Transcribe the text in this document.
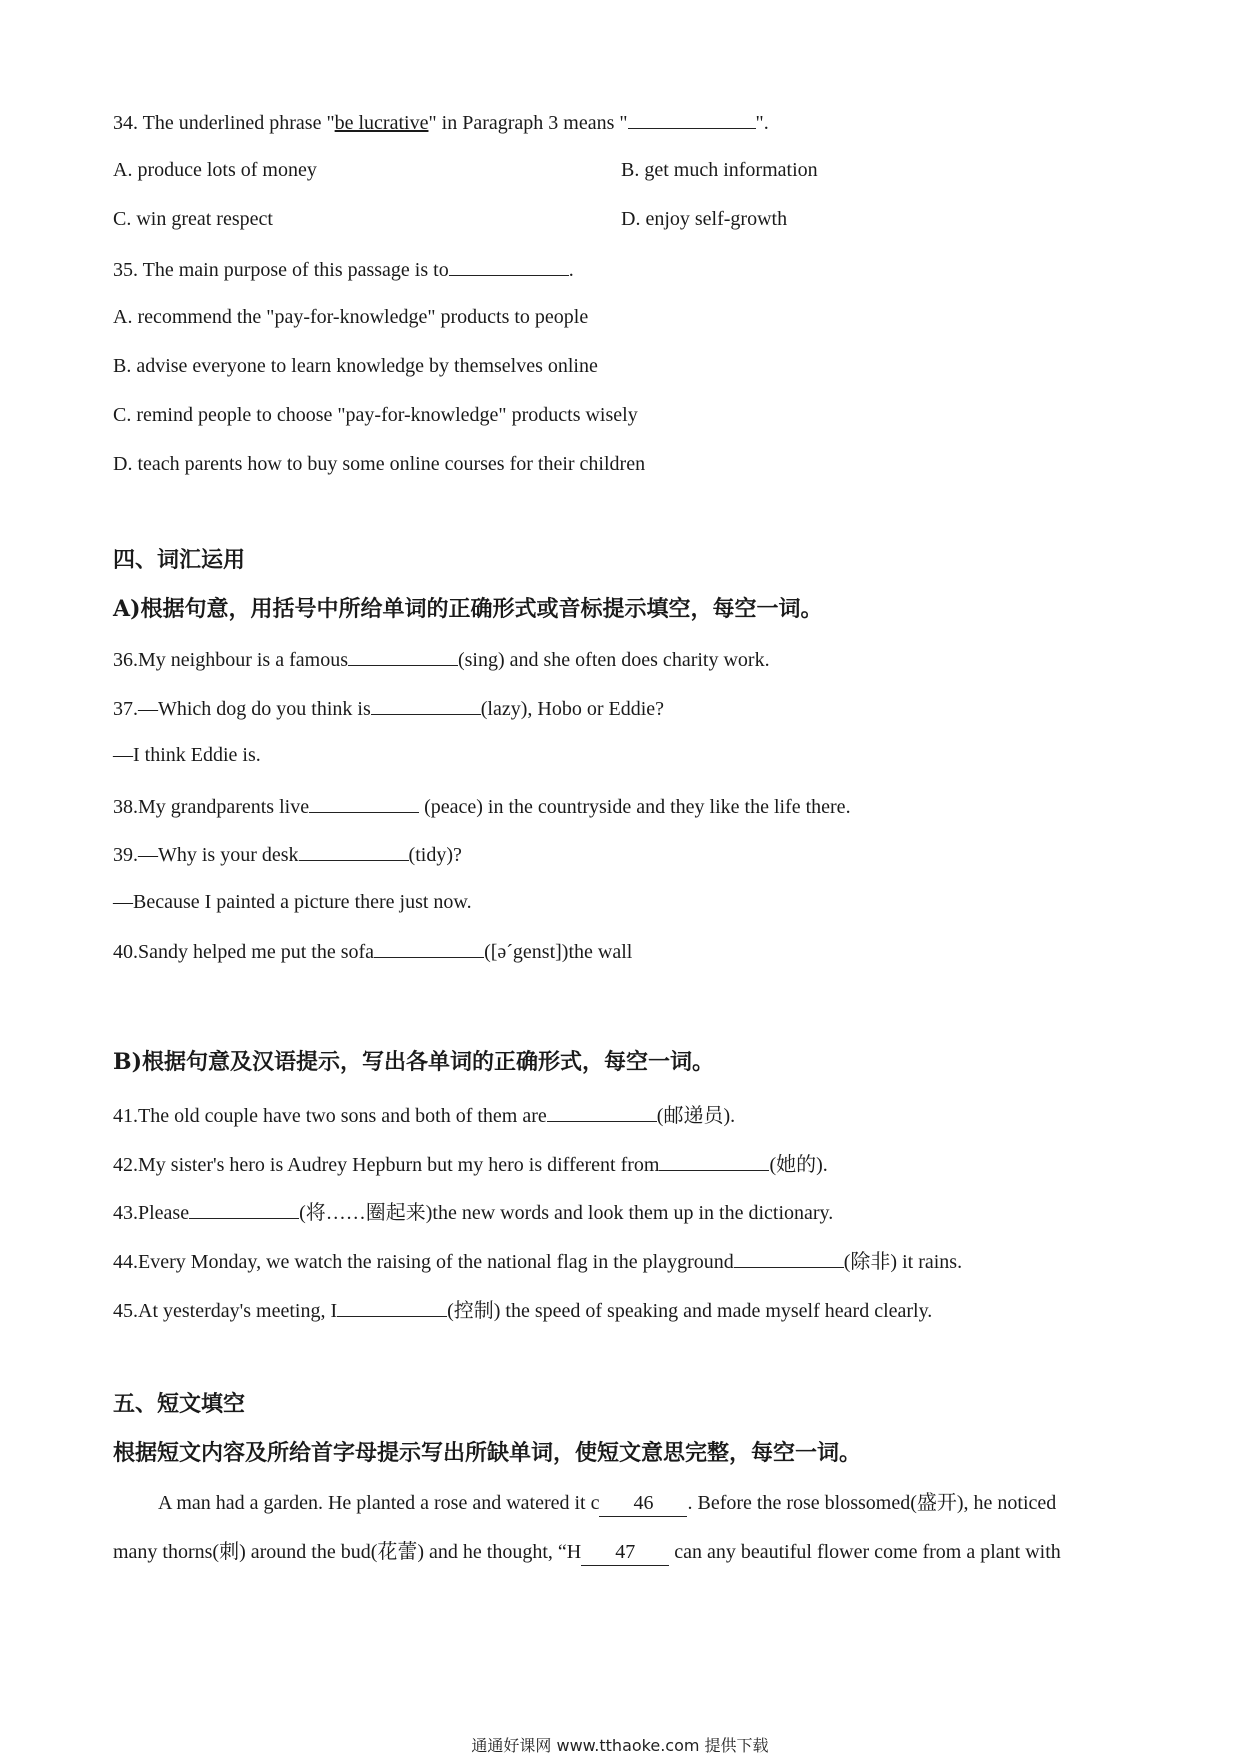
34. The underlined phrase "be lucrative" in Paragraph 3 means "	".
A. produce lots of money	B. get much information
C. win great respect	D. enjoy self-growth
35. The main purpose of this passage is to	.
A. recommend the "pay-for-knowledge" products to people
B. advise everyone to learn knowledge by themselves online
C. remind people to choose "pay-for-knowledge" products wisely
D. teach parents how to buy some online courses for their children
四、词汇运用
A)根据句意，用括号中所给单词的正确形式或音标提示填空，每空一词。
36.My neighbour is a famous	(sing) and she often does charity work.
37.—Which dog do you think is	(lazy), Hobo or Eddie?
—I think Eddie is.
38.My grandparents live	(peace) in the countryside and they like the life there.
39.—Why is your desk	(tidy)?
—Because I painted a picture there just now.
40.Sandy helped me put the sofa	([əˊgenst])the wall
B)根据句意及汉语提示，写出各单词的正确形式，每空一词。
41.The old couple have two sons and both of them are	(邮递员).
42.My sister's hero is Audrey Hepburn but my hero is different from	(她的).
43.Please	(将……圈起来)the new words and look them up in the dictionary.
44.Every Monday, we watch the raising of the national flag in the playground	(除非) it rains.
45.At yesterday's meeting, I	(控制) the speed of speaking and made myself heard clearly.
五、短文填空
根据短文内容及所给首字母提示写出所缺单词，使短文意思完整，每空一词。
A man had a garden. He planted a rose and watered it c 46 . Before the rose blossomed(盛开), he noticed
many thorns(刺) around the bud(花蕾) and he thought, “H 47 can any beautiful flower come from a plant with
通通好课网 www.tthaoke.com 提供下载
